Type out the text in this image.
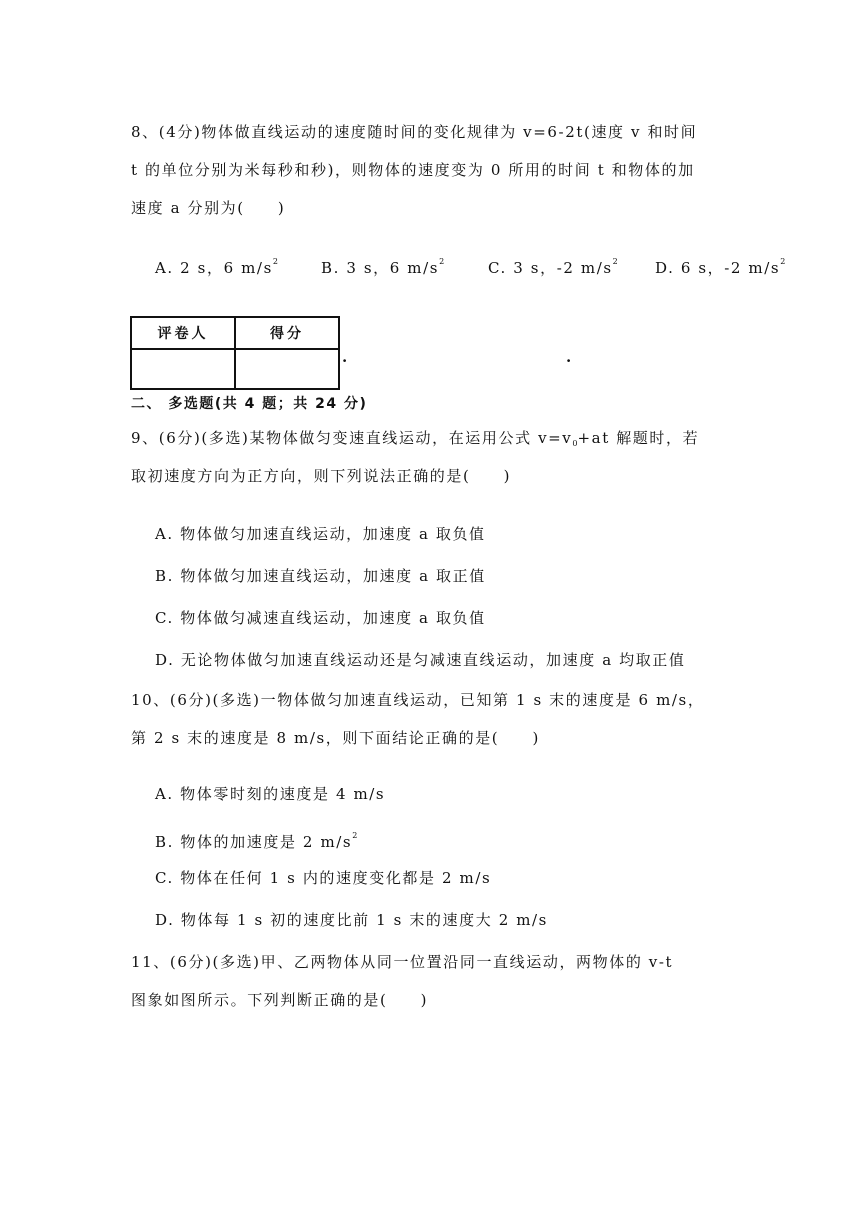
8、(4分)物体做直线运动的速度随时间的变化规律为 v=6-2t(速度 v 和时间
t 的单位分别为米每秒和秒)，则物体的速度变为 0 所用的时间 t 和物体的加
速度 a 分别为(　　)
A. 2 s，6 $m/s^2$	B. 3 s，6 $m/s^2$	C. 3 s，-2 $m/s^2$ D. 6 s，-2 $m/s^2$
评卷人	得分

.	.
二、 多选题(共 4 题；共 24 分)
9、(6分)(多选)某物体做匀变速直线运动，在运用公式 $v=v_0+at$ 解题时，若
取初速度方向为正方向，则下列说法正确的是(　　)
A. 物体做匀加速直线运动，加速度 a 取负值
B. 物体做匀加速直线运动，加速度 a 取正值
C. 物体做匀减速直线运动，加速度 a 取负值
D. 无论物体做匀加速直线运动还是匀减速直线运动，加速度 a 均取正值
10、(6分)(多选)一物体做匀加速直线运动，已知第 1 s 末的速度是 6 m/s，
第 2 s 末的速度是 8 m/s，则下面结论正确的是(　　)
A. 物体零时刻的速度是 4 m/s
B. 物体的加速度是 2 $m/s^2$
C. 物体在任何 1 s 内的速度变化都是 2 m/s
D. 物体每 1 s 初的速度比前 1 s 末的速度大 2 m/s
11、(6分)(多选)甲、乙两物体从同一位置沿同一直线运动，两物体的 v-t
图象如图所示。下列判断正确的是(　　)
